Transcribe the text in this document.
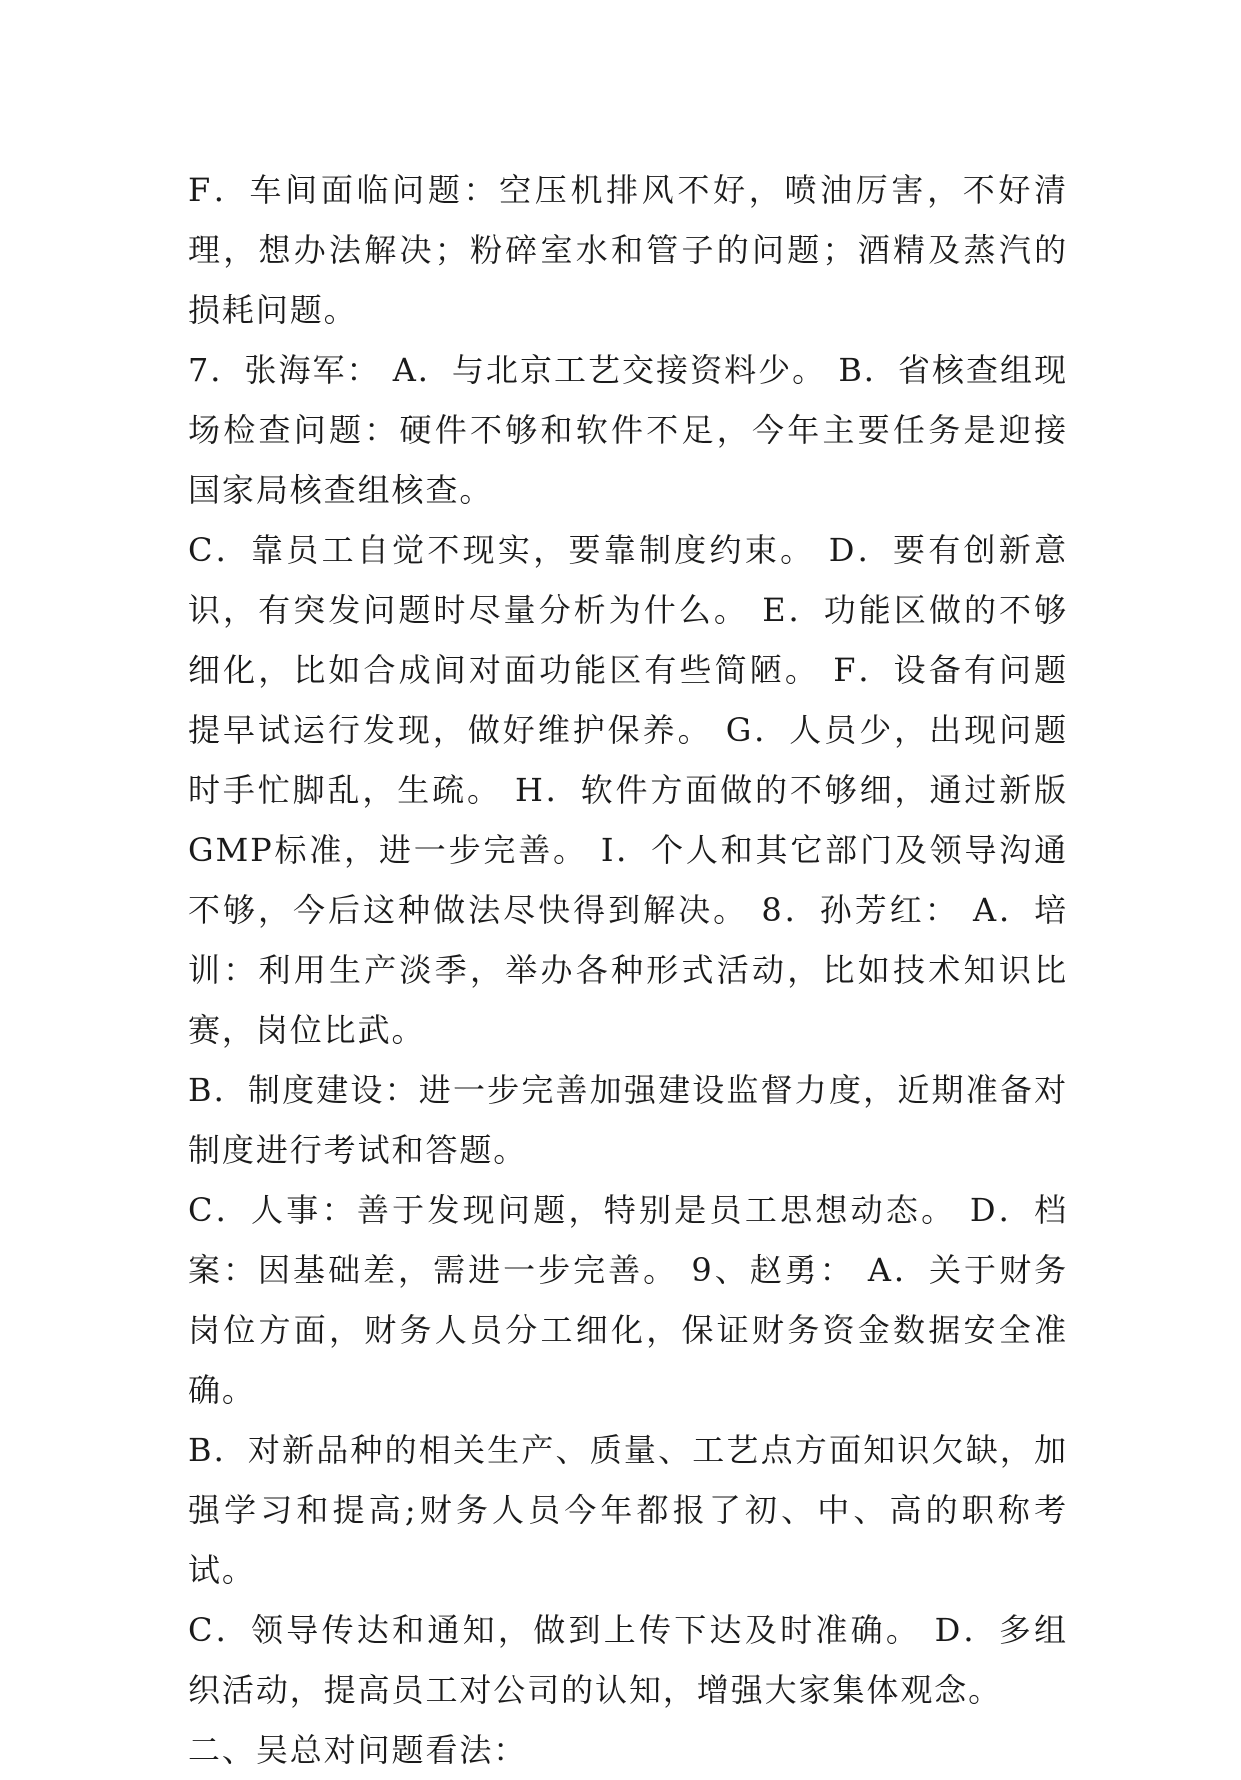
F．车间面临问题：空压机排风不好，喷油厉害，不好清理，想办法解决；粉碎室水和管子的问题；酒精及蒸汽的损耗问题。

7．张海军： A．与北京工艺交接资料少。 B．省核查组现场检查问题：硬件不够和软件不足，今年主要任务是迎接国家局核查组核查。

C．靠员工自觉不现实，要靠制度约束。 D．要有创新意识，有突发问题时尽量分析为什么。 E．功能区做的不够细化，比如合成间对面功能区有些简陋。 F．设备有问题提早试运行发现，做好维护保养。 G．人员少，出现问题时手忙脚乱，生疏。 H．软件方面做的不够细，通过新版GMP标准，进一步完善。 I．个人和其它部门及领导沟通不够，今后这种做法尽快得到解决。 8．孙芳红： A．培训：利用生产淡季，举办各种形式活动，比如技术知识比赛，岗位比武。

B．制度建设：进一步完善加强建设监督力度，近期准备对制度进行考试和答题。

C．人事：善于发现问题，特别是员工思想动态。 D．档案：因基础差，需进一步完善。 9、赵勇： A．关于财务岗位方面，财务人员分工细化，保证财务资金数据安全准确。

B．对新品种的相关生产、质量、工艺点方面知识欠缺，加强学习和提高;财务人员今年都报了初、中、高的职称考试。

C．领导传达和通知，做到上传下达及时准确。 D．多组织活动，提高员工对公司的认知，增强大家集体观念。

二、吴总对问题看法：
